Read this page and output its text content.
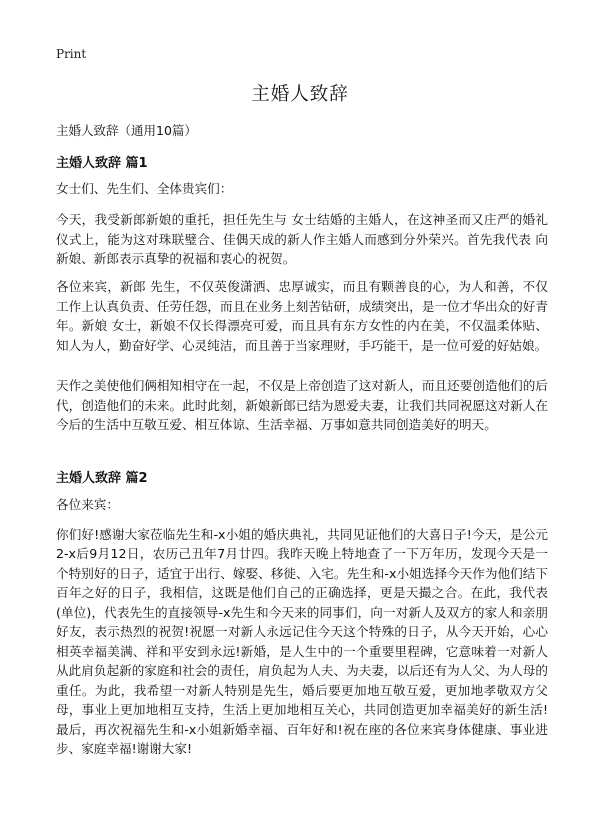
Print
主婚人致辞
主婚人致辞（通用10篇）
主婚人致辞 篇1

女士们、先生们、全体贵宾们：

今天，我受新郎新娘的重托，担任先生与 女士结婚的主婚人，在这神圣而又庄严的婚礼仪式上，能为这对珠联璧合、佳偶天成的新人作主婚人而感到分外荣兴。首先我代表 向新娘、新郎表示真挚的祝福和衷心的祝贺。

各位来宾，新郎 先生，不仅英俊潇洒、忠厚诚实，而且有颗善良的心，为人和善，不仅工作上认真负责、任劳任怨，而且在业务上刻苦钻研，成绩突出，是一位才华出众的好青年。新娘 女士，新娘不仅长得漂亮可爱，而且具有东方女性的内在美，不仅温柔体贴、知人为人，勤奋好学、心灵纯洁，而且善于当家理财，手巧能干，是一位可爱的好姑娘。

天作之美使他们俩相知相守在一起，不仅是上帝创造了这对新人，而且还要创造他们的后代，创造他们的未来。此时此刻，新娘新郎已结为恩爱夫妻，让我们共同祝愿这对新人在今后的生活中互敬互爱、相互体谅、生活幸福、万事如意共同创造美好的明天。

主婚人致辞 篇2

各位来宾：

你们好!感谢大家莅临先生和-x小姐的婚庆典礼，共同见证他们的大喜日子!今天，是公元2-x后9月12日，农历己丑年7月廿四。我昨天晚上特地查了一下万年历，发现今天是一个特别好的日子，适宜于出行、嫁娶、移徙、入宅。先生和-x小姐选择今天作为他们结下百年之好的日子，我相信，这既是他们自己的正确选择，更是天撮之合。在此，我代表(单位)，代表先生的直接领导-x先生和今天来的同事们，向一对新人及双方的家人和亲朋好友，表示热烈的祝贺!祝愿一对新人永远记住今天这个特殊的日子，从今天开始，心心相英幸福美满、祥和平安到永远!新婚，是人生中的一个重要里程碑，它意味着一对新人从此肩负起新的家庭和社会的责任，肩负起为人夫、为夫妻，以后还有为人父、为人母的重任。为此，我希望一对新人特别是先生，婚后要更加地互敬互爱，更加地孝敬双方父母，事业上更加地相互支持，生活上更加地相互关心，共同创造更加幸福美好的新生活!最后，再次祝福先生和-x小姐新婚幸福、百年好和!祝在座的各位来宾身体健康、事业进步、家庭幸福!谢谢大家!
